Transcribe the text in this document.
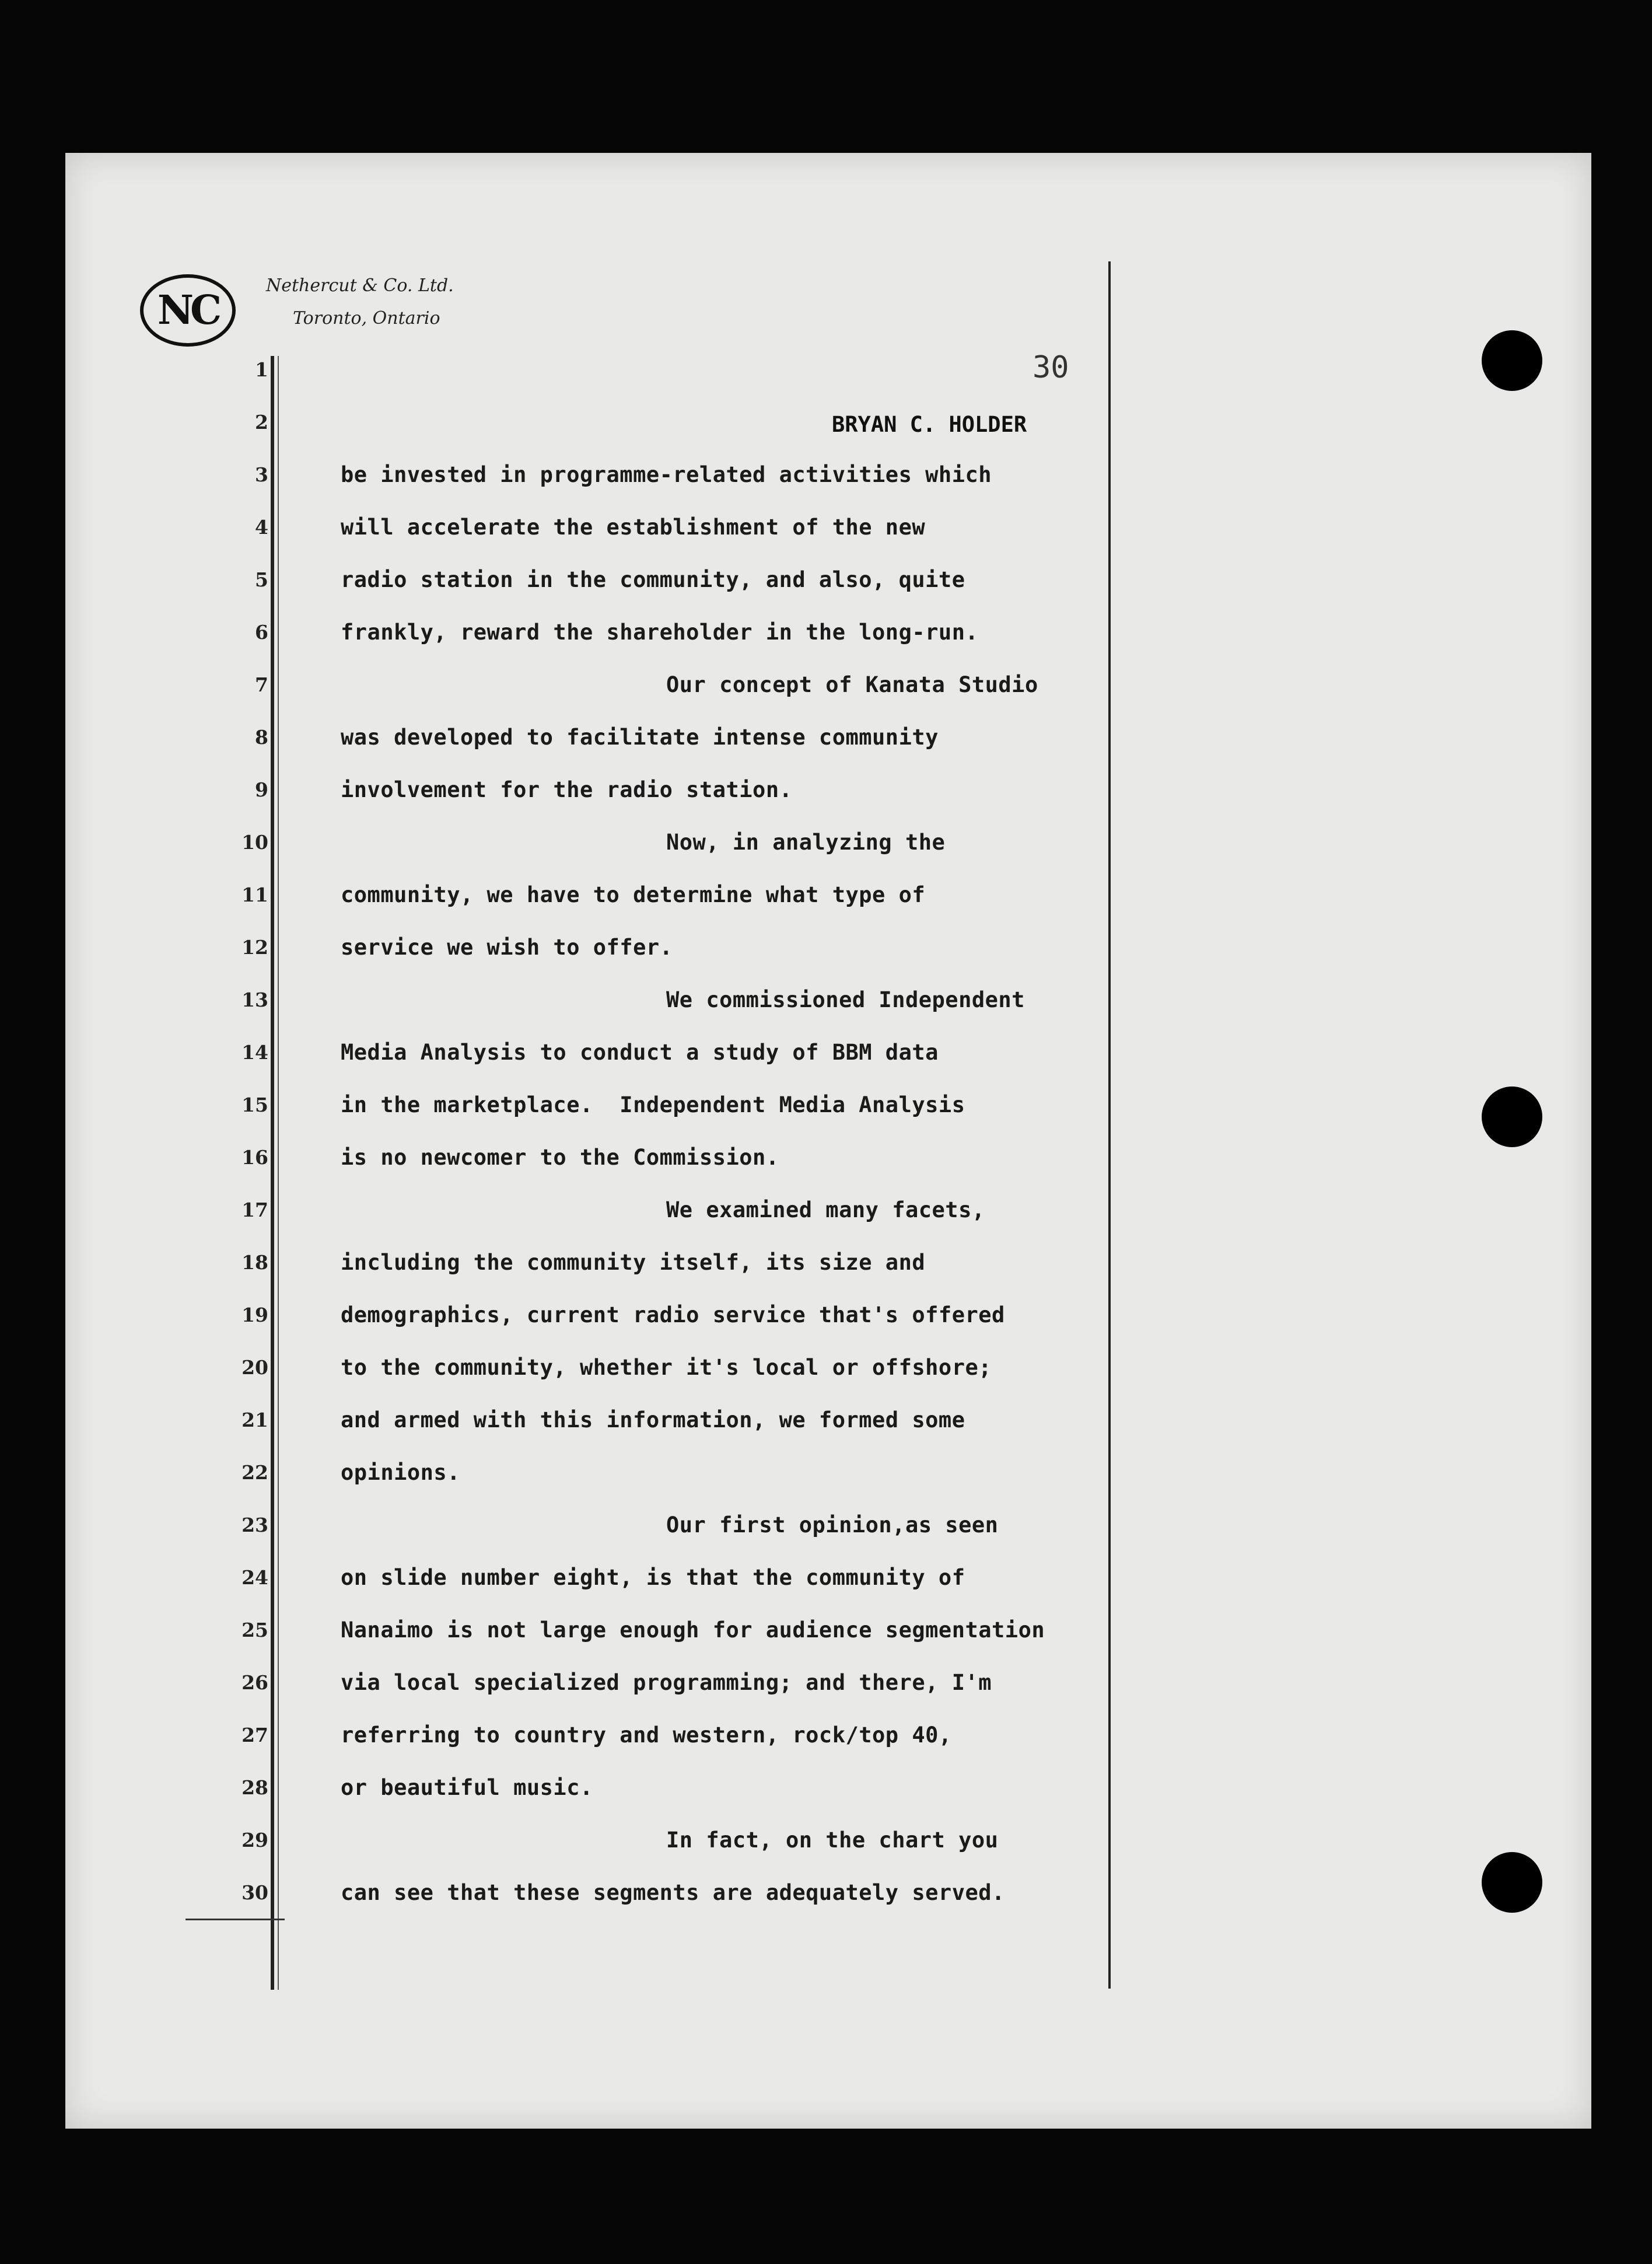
NC
Nethercut & Co. Ltd.
Toronto, Ontario
30
BRYAN C. HOLDER
1
2
3	be invested in programme-related activities which
4	will accelerate the establishment of the new
5	radio station in the community, and also, quite
6	frankly, reward the shareholder in the long-run.
7	Our concept of Kanata Studio
8	was developed to facilitate intense community
9	involvement for the radio station.
10	Now, in analyzing the
11	community, we have to determine what type of
12	service we wish to offer.
13	We commissioned Independent
14	Media Analysis to conduct a study of BBM data
15	in the marketplace.  Independent Media Analysis
16	is no newcomer to the Commission.
17	We examined many facets,
18	including the community itself, its size and
19	demographics, current radio service that's offered
20	to the community, whether it's local or offshore;
21	and armed with this information, we formed some
22	opinions.
23	Our first opinion,as seen
24	on slide number eight, is that the community of
25	Nanaimo is not large enough for audience segmentation
26	via local specialized programming; and there, I'm
27	referring to country and western, rock/top 40,
28	or beautiful music.
29	In fact, on the chart you
30	can see that these segments are adequately served.
